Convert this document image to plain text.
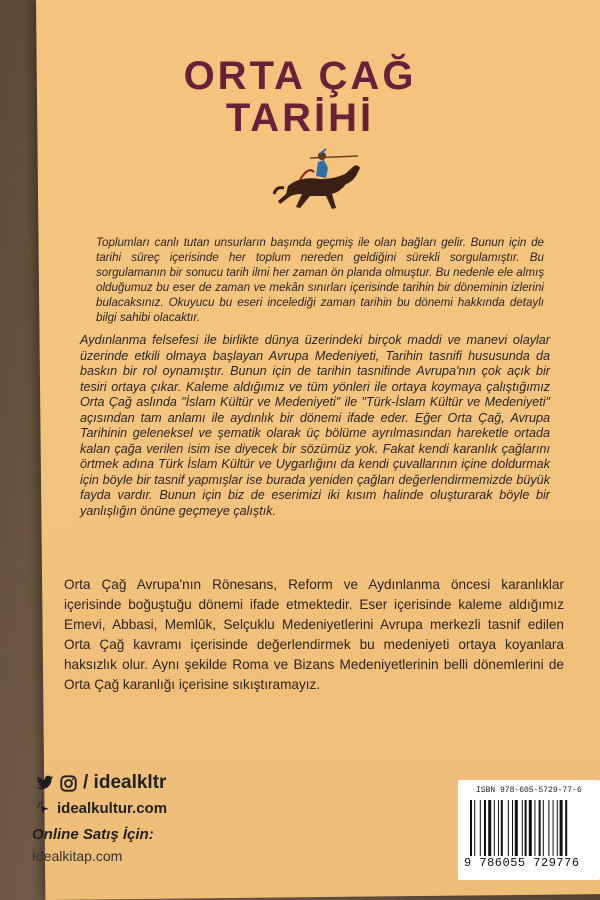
ORTA ÇAĞ
TARİHİ
Toplumları canlı tutan unsurların başında geçmiş ile olan bağları gelir. Bunun için de tarihi süreç içerisinde her toplum nereden geldiğini sürekli sorgulamıştır. Bu sorgulamanın bir sonucu tarih ilmi her zaman ön planda olmuştur. Bu nedenle ele almış olduğumuz bu eser de zaman ve mekân sınırları içerisinde tarihin bir döneminin izlerini bulacaksınız. Okuyucu bu eseri incelediği zaman tarihin bu dönemi hakkında detaylı bilgi sahibi olacaktır.
Aydınlanma felsefesi ile birlikte dünya üzerindeki birçok maddi ve manevi olaylar üzerinde etkili olmaya başlayan Avrupa Medeniyeti, Tarihin tasnifi hususunda da baskın bir rol oynamıştır. Bunun için de tarihin tasnifinde Avrupa'nın çok açık bir tesiri ortaya çıkar. Kaleme aldığımız ve tüm yönleri ile ortaya koymaya çalıştığımız Orta Çağ aslında "İslam Kültür ve Medeniyeti" ile "Türk-İslam Kültür ve Medeniyeti" açısından tam anlamı ile aydınlık bir dönemi ifade eder. Eğer Orta Çağ, Avrupa Tarihinin geleneksel ve şematik olarak üç bölüme ayrılmasından hareketle ortada kalan çağa verilen isim ise diyecek bir sözümüz yok. Fakat kendi karanlık çağlarını örtmek adına Türk İslam Kültür ve Uygarlığını da kendi çuvallarının içine doldurmak için böyle bir tasnif yapmışlar ise burada yeniden çağları değerlendirmemizde büyük fayda vardır. Bunun için biz de eserimizi iki kısım halinde oluşturarak böyle bir yanlışlığın önüne geçmeye çalıştık.
Orta Çağ Avrupa'nın Rönesans, Reform ve Aydınlanma öncesi karanlıklar içerisinde boğuştuğu dönemi ifade etmektedir. Eser içerisinde kaleme aldığımız Emevi, Abbasi, Memlûk, Selçuklu Medeniyetlerini Avrupa merkezli tasnif edilen Orta Çağ kavramı içerisinde değerlendirmek bu medeniyeti ortaya koyanlara haksızlık olur. Aynı şekilde Roma ve Bizans Medeniyetlerinin belli dönemlerini de Orta Çağ karanlığı içerisine sıkıştıramayız.
/ idealkltr
idealkultur.com
Online Satış İçin:
İdealkitap.com
ISBN 978-605-5729-77-6
9 786055 729776
